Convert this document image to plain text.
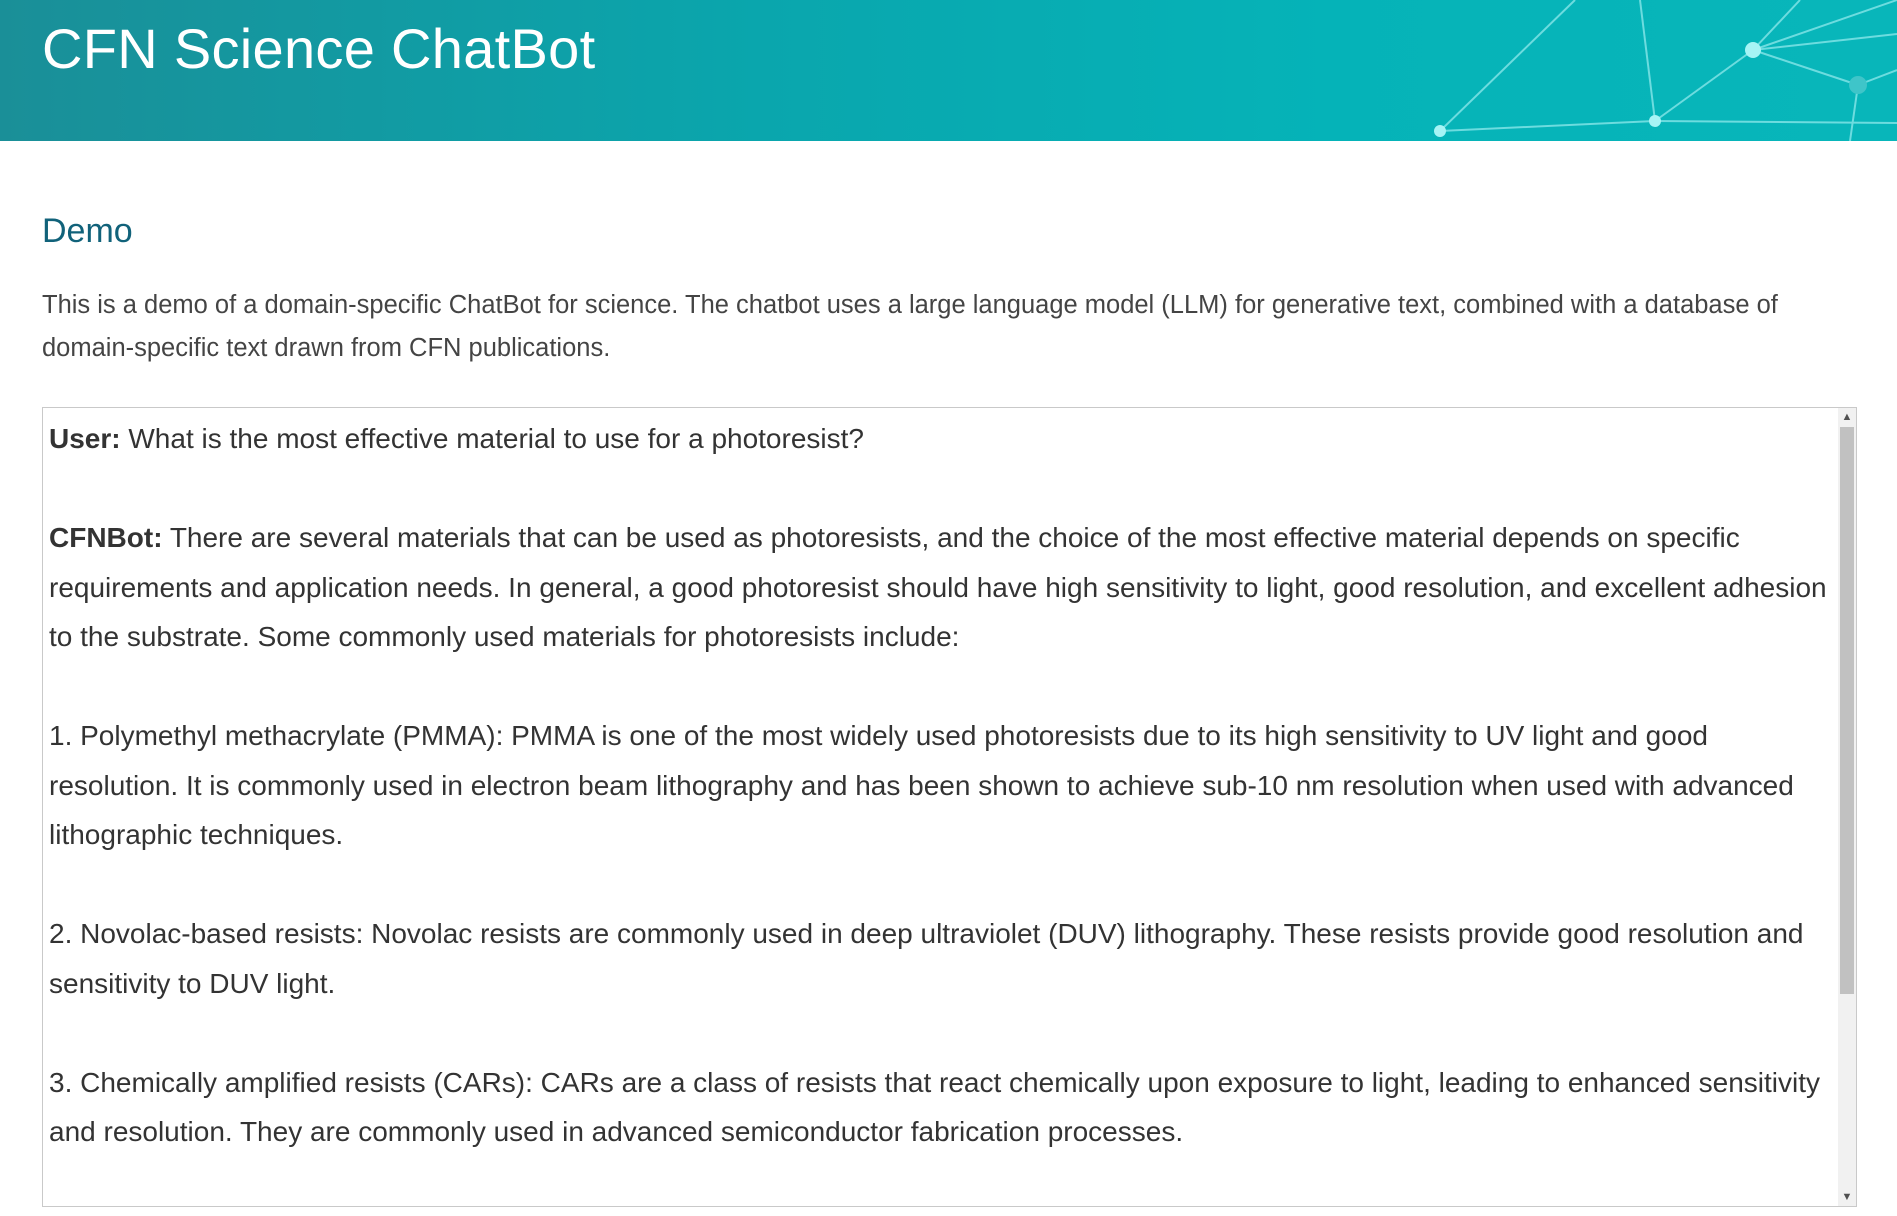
CFN Science ChatBot
Demo
This is a demo of a domain-specific ChatBot for science. The chatbot uses a large language model (LLM) for generative text, combined with a database of domain-specific text drawn from CFN publications.

User: What is the most effective material to use for a photoresist?

CFNBot: There are several materials that can be used as photoresists, and the choice of the most effective material depends on specific requirements and application needs. In general, a good photoresist should have high sensitivity to light, good resolution, and excellent adhesion to the substrate. Some commonly used materials for photoresists include:

1. Polymethyl methacrylate (PMMA): PMMA is one of the most widely used photoresists due to its high sensitivity to UV light and good resolution. It is commonly used in electron beam lithography and has been shown to achieve sub-10 nm resolution when used with advanced lithographic techniques.

2. Novolac-based resists: Novolac resists are commonly used in deep ultraviolet (DUV) lithography. These resists provide good resolution and sensitivity to DUV light.

3. Chemically amplified resists (CARs): CARs are a class of resists that react chemically upon exposure to light, leading to enhanced sensitivity and resolution. They are commonly used in advanced semiconductor fabrication processes.

▲
▼
